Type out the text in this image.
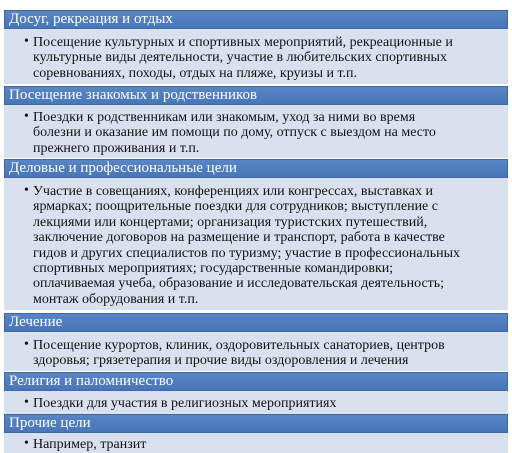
Досуг, рекреация и отдых
• Посещение культурных и спортивных мероприятий, рекреационные и
культурные виды деятельности, участие в любительских спортивных
соревнованиях, походы, отдых на пляже, круизы и т.п.
Посещение знакомых и родственников
• Поездки к родственникам или знакомым, уход за ними во время
болезни и оказание им помощи по дому, отпуск с выездом на место
прежнего проживания и т.п.
Деловые и профессиональные цели
• Участие в совещаниях, конференциях или конгрессах, выставках и
ярмарках; поощрительные поездки для сотрудников; выступление с
лекциями или концертами; организация туристских путешествий,
заключение договоров на размещение и транспорт, работа в качестве
гидов и других специалистов по туризму; участие в профессиональных
спортивных мероприятиях; государственные командировки;
оплачиваемая учеба, образование и исследовательская деятельность;
монтаж оборудования и т.п.
Лечение
• Посещение курортов, клиник, оздоровительных санаториев, центров
здоровья; грязетерапия и прочие виды оздоровления и лечения
Религия и паломничество
• Поездки для участия в религиозных мероприятиях
Прочие цели
• Например, транзит
